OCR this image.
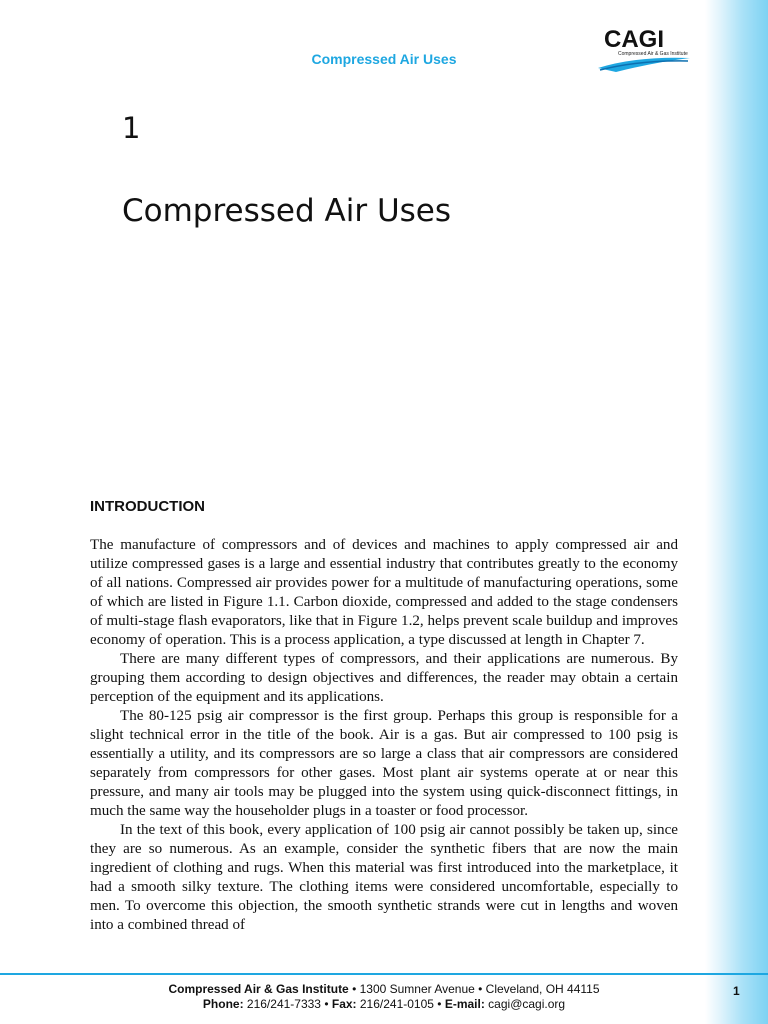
Compressed Air Uses
CAGI
Compressed Air & Gas Institute
1
Compressed Air Uses
INTRODUCTION

The manufacture of compressors and of devices and machines to apply compressed air and utilize compressed gases is a large and essential industry that contributes greatly to the economy of all nations. Compressed air provides power for a multitude of manufacturing operations, some of which are listed in Figure 1.1. Carbon dioxide, compressed and added to the stage condensers of multi-stage flash evaporators, like that in Figure 1.2, helps prevent scale buildup and improves economy of operation. This is a process application, a type discussed at length in Chapter 7.

There are many different types of compressors, and their applications are numerous. By grouping them according to design objectives and differences, the reader may obtain a certain perception of the equipment and its applications.

The 80-125 psig air compressor is the first group. Perhaps this group is responsible for a slight technical error in the title of the book. Air is a gas. But air compressed to 100 psig is essentially a utility, and its compressors are so large a class that air compressors are considered separately from compressors for other gases. Most plant air systems operate at or near this pressure, and many air tools may be plugged into the system using quick-disconnect fittings, in much the same way the householder plugs in a toaster or food processor.

In the text of this book, every application of 100 psig air cannot possibly be taken up, since they are so numerous. As an example, consider the synthetic fibers that are now the main ingredient of clothing and rugs. When this material was first introduced into the marketplace, it had a smooth silky texture. The clothing items were considered uncomfortable, especially to men. To overcome this objection, the smooth synthetic strands were cut in lengths and woven into a combined thread of

Compressed Air & Gas Institute • 1300 Sumner Avenue • Cleveland, OH 44115
Phone: 216/241-7333 • Fax: 216/241-0105 • E-mail: cagi@cagi.org
1
